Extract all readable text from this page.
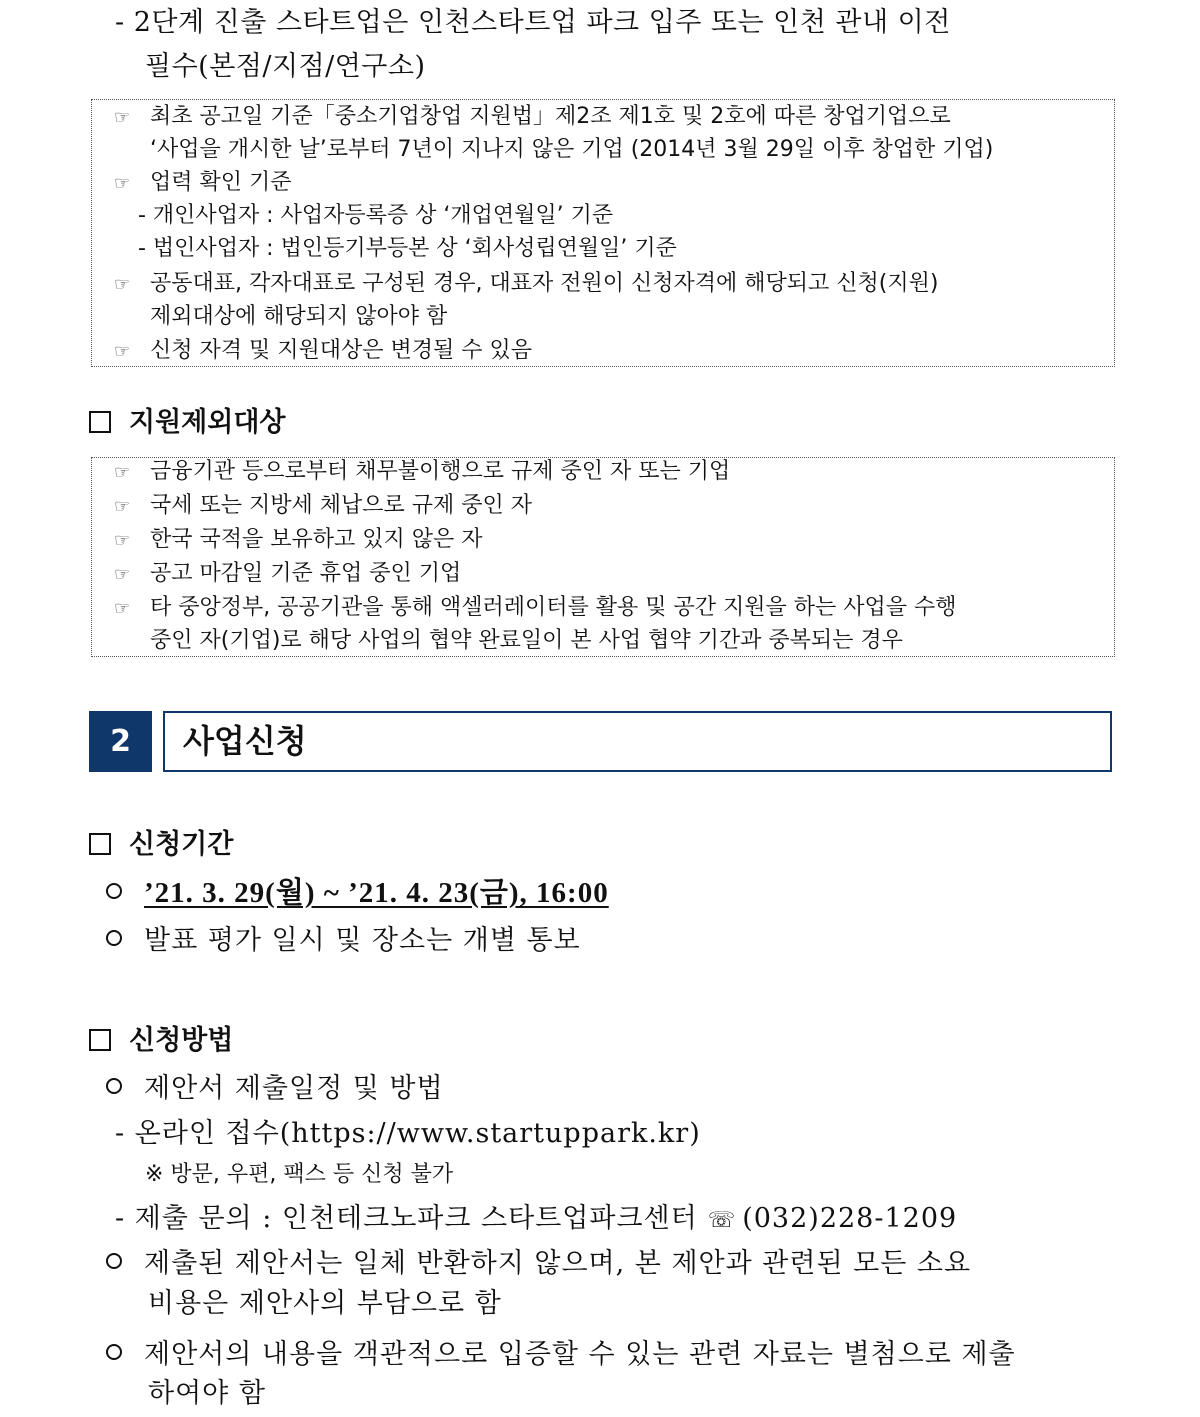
- 2단계 진출 스타트업은 인천스타트업 파크 입주 또는 인천 관내 이전
필수(본점/지점/연구소)
☞ 최초 공고일 기준「중소기업창업 지원법」제2조 제1호 및 2호에 따른 창업기업으로
‘사업을 개시한 날’로부터 7년이 지나지 않은 기업 (2014년 3월 29일 이후 창업한 기업)
☞ 업력 확인 기준
- 개인사업자 : 사업자등록증 상 ‘개업연월일’ 기준
- 법인사업자 : 법인등기부등본 상 ‘회사성립연월일’ 기준
☞ 공동대표, 각자대표로 구성된 경우, 대표자 전원이 신청자격에 해당되고 신청(지원)
제외대상에 해당되지 않아야 함
☞ 신청 자격 및 지원대상은 변경될 수 있음
지원제외대상
☞ 금융기관 등으로부터 채무불이행으로 규제 중인 자 또는 기업
☞ 국세 또는 지방세 체납으로 규제 중인 자
☞ 한국 국적을 보유하고 있지 않은 자
☞ 공고 마감일 기준 휴업 중인 기업
☞ 타 중앙정부, 공공기관을 통해 액셀러레이터를 활용 및 공간 지원을 하는 사업을 수행
중인 자(기업)로 해당 사업의 협약 완료일이 본 사업 협약 기간과 중복되는 경우
2	사업신청
신청기간
’21. 3. 29(월) ~ ’21. 4. 23(금), 16:00
발표 평가 일시 및 장소는 개별 통보
신청방법
제안서 제출일정 및 방법
- 온라인 접수(https://www.startuppark.kr)
※ 방문, 우편, 팩스 등 신청 불가
- 제출 문의 : 인천테크노파크 스타트업파크센터 ☏ (032)228-1209
제출된 제안서는 일체 반환하지 않으며, 본 제안과 관련된 모든 소요
비용은 제안사의 부담으로 함
제안서의 내용을 객관적으로 입증할 수 있는 관련 자료는 별첨으로 제출
하여야 함
